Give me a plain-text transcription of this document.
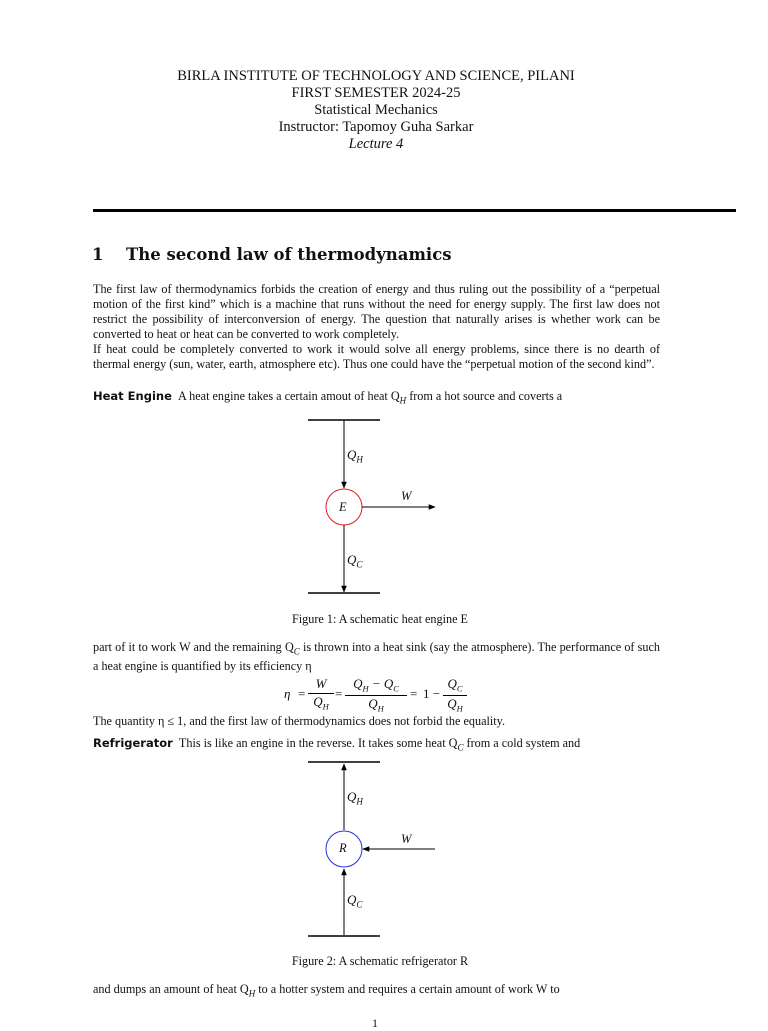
BIRLA INSTITUTE OF TECHNOLOGY AND SCIENCE, PILANI
FIRST SEMESTER 2024-25
Statistical Mechanics
Instructor: Tapomoy Guha Sarkar
Lecture 4
1 The second law of thermodynamics

The first law of thermodynamics forbids the creation of energy and thus ruling out the possibility of a “perpetual motion of the first kind” which is a machine that runs without the need for energy supply. The first law does not restrict the possibility of interconversion of energy. The question that naturally arises is whether work can be converted to heat or heat can be converted to work completely.

If heat could be completely converted to work it would solve all energy problems, since there is no dearth of thermal energy (sun, water, earth, atmosphere etc). Thus one could have the “perpetual motion of the second kind”.

Heat Engine A heat engine takes a certain amout of heat $Q_H$ from a hot source and coverts a

$Q_H$
E
W
$Q_C$
Figure 1: A schematic heat engine E

part of it to work W and the remaining $Q_C$ is thrown into a heat sink (say the atmosphere). The performance of such a heat engine is quantified by its efficiency η

η =
W
$Q_H$
=
$Q_H - Q_C$
$Q_H$
= 1 −
$Q_C$
$Q_H$

The quantity η ≤ 1, and the first law of thermodynamics does not forbid the equality.

Refrigerator This is like an engine in the reverse. It takes some heat $Q_C$ from a cold system and

$Q_H$
R
W
$Q_C$
Figure 2: A schematic refrigerator R

and dumps an amount of heat $Q_H$ to a hotter system and requires a certain amount of work W to

1
